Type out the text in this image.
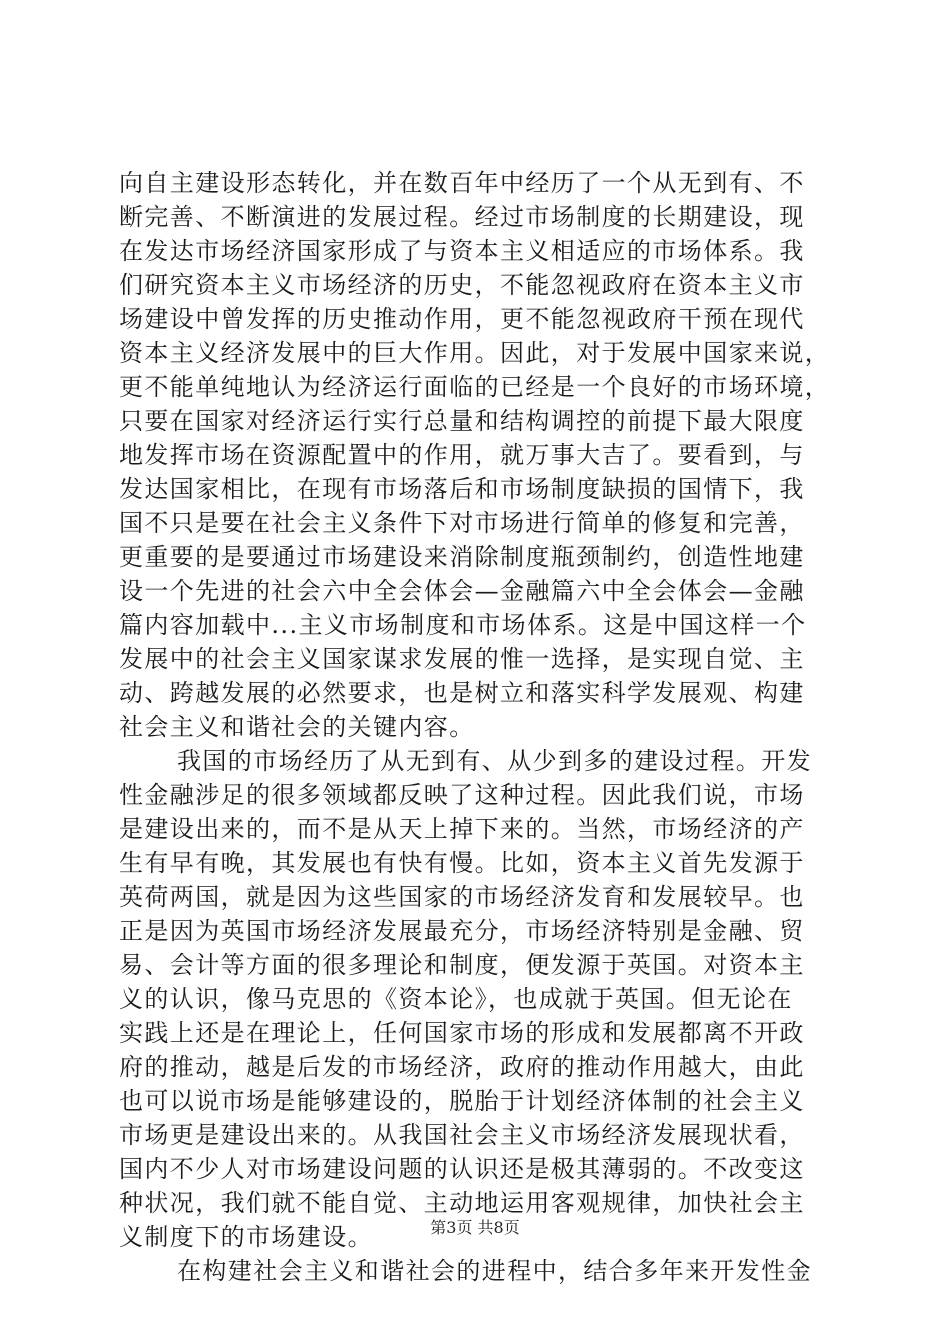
向自主建设形态转化，并在数百年中经历了一个从无到有、不
断完善、不断演进的发展过程。经过市场制度的长期建设，现
在发达市场经济国家形成了与资本主义相适应的市场体系。我
们研究资本主义市场经济的历史，不能忽视政府在资本主义市
场建设中曾发挥的历史推动作用，更不能忽视政府干预在现代
资本主义经济发展中的巨大作用。因此，对于发展中国家来说，
更不能单纯地认为经济运行面临的已经是一个良好的市场环境，
只要在国家对经济运行实行总量和结构调控的前提下最大限度
地发挥市场在资源配置中的作用，就万事大吉了。要看到，与
发达国家相比，在现有市场落后和市场制度缺损的国情下，我
国不只是要在社会主义条件下对市场进行简单的修复和完善，
更重要的是要通过市场建设来消除制度瓶颈制约，创造性地建
设一个先进的社会六中全会体会—金融篇六中全会体会—金融
篇内容加载中...主义市场制度和市场体系。这是中国这样一个
发展中的社会主义国家谋求发展的惟一选择，是实现自觉、主
动、跨越发展的必然要求，也是树立和落实科学发展观、构建
社会主义和谐社会的关键内容。
我国的市场经历了从无到有、从少到多的建设过程。开发
性金融涉足的很多领域都反映了这种过程。因此我们说，市场
是建设出来的，而不是从天上掉下来的。当然，市场经济的产
生有早有晚，其发展也有快有慢。比如，资本主义首先发源于
英荷两国，就是因为这些国家的市场经济发育和发展较早。也
正是因为英国市场经济发展最充分，市场经济特别是金融、贸
易、会计等方面的很多理论和制度，便发源于英国。对资本主
义的认识，像马克思的《资本论》，也成就于英国。但无论在
实践上还是在理论上，任何国家市场的形成和发展都离不开政
府的推动，越是后发的市场经济，政府的推动作用越大，由此
也可以说市场是能够建设的，脱胎于计划经济体制的社会主义
市场更是建设出来的。从我国社会主义市场经济发展现状看，
国内不少人对市场建设问题的认识还是极其薄弱的。不改变这
种状况，我们就不能自觉、主动地运用客观规律，加快社会主
义制度下的市场建设。
在构建社会主义和谐社会的进程中，结合多年来开发性金
第3页 共8页
